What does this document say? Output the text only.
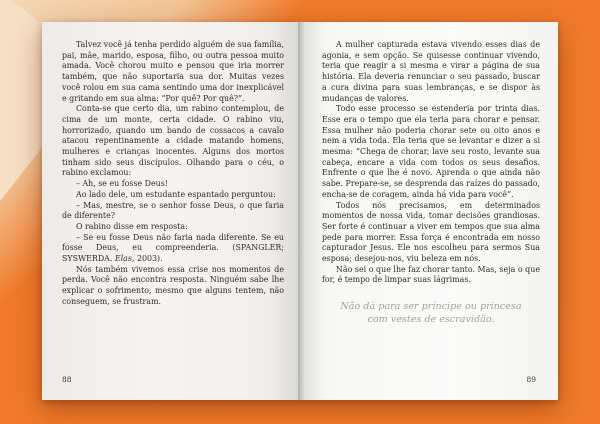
Talvez você já tenha perdido alguém de sua família, pai, mãe, marido, esposa, filho, ou outra pessoa muito amada. Você chorou muito e pensou que iria morrer também, que não suportaria sua dor. Muitas vezes você rolou em sua cama sentindo uma dor inexplicável e gritando em sua alma: “Por quê? Por quê?”.

Conta-se que certo dia, um rabino contemplou, de cima de um monte, certa cidade. O rabino viu, horrorizado, quando um bando de cossacos a cavalo atacou repentinamente a cidade matando homens, mulheres e crianças inocentes. Alguns dos mortos tinham sido seus discípulos. Olhando para o céu, o rabino exclamou:

– Ah, se eu fosse Deus!

Ao lado dele, um estudante espantado perguntou:

– Mas, mestre, se o senhor fosse Deus, o que faria de diferente?

O rabino disse em resposta:

– Se eu fosse Deus não faria nada diferente. Se eu fosse Deus, eu compreenderia. (SPANGLER; SYSWERDA. Elas, 2003).

Nós também vivemos essa crise nos momentos de perda. Você não encontra resposta. Ninguém sabe lhe explicar o sofrimento, mesmo que alguns tentem, não conseguem, se frustram.

88

A mulher capturada estava vivendo esses dias de agonia, e sem opção. Se quisesse continuar vivendo, teria que reagir a si mesma e virar a página de sua história. Ela deveria renunciar o seu passado, buscar a cura divina para suas lembranças, e se dispor às mudanças de valores.

Todo esse processo se estenderia por trinta dias. Esse era o tempo que ela teria para chorar e pensar. Essa mulher não poderia chorar sete ou oito anos e nem a vida toda. Ela teria que se levantar e dizer a si mesma: “Chega de chorar, lave seu rosto, levante sua cabeça, encare a vida com todos os seus desafios. Enfrente o que lhe é novo. Aprenda o que ainda não sabe. Prepare-se, se desprenda das raízes do passado, encha-se de coragem, ainda há vida para você”.

Todos nós precisamos, em determinados momentos de nossa vida, tomar decisões grandiosas. Ser forte é continuar a viver em tempos que sua alma pede para morrer. Essa força é encontrada em nosso capturador Jesus. Ele nos escolheu para sermos Sua esposa; desejou-nos, viu beleza em nós.

Não sei o que lhe faz chorar tanto. Mas, seja o que for, é tempo de limpar suas lágrimas.

Não dá para ser príncipe ou princesa com vestes de escravidão.
89
